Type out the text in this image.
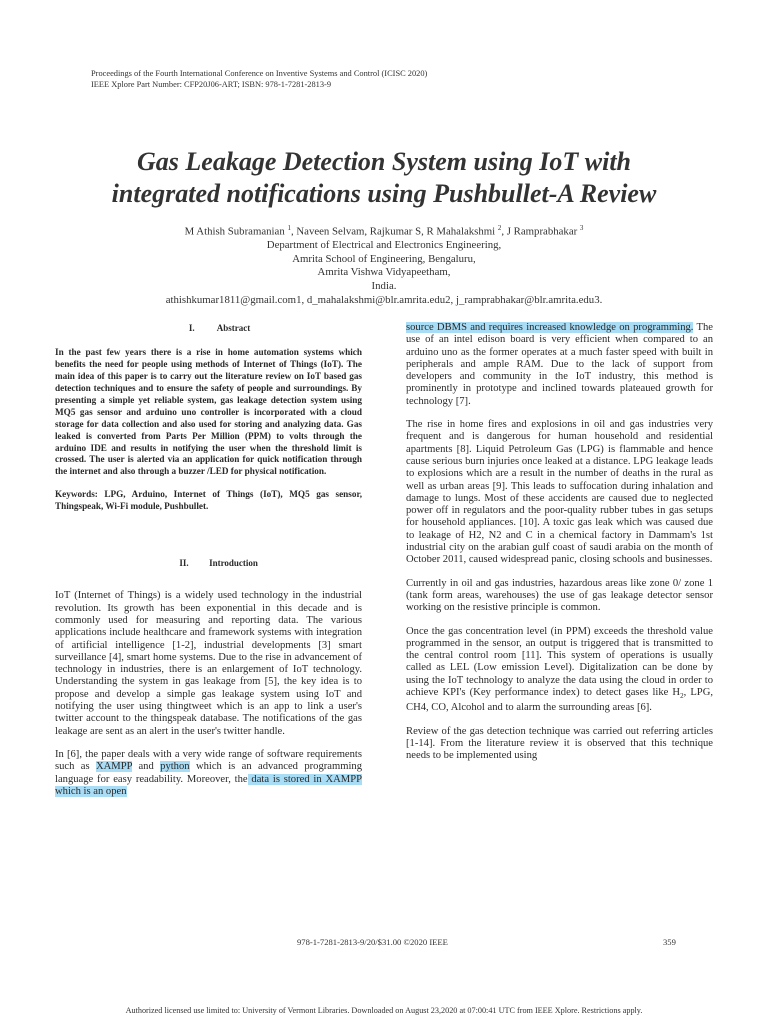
Proceedings of the Fourth International Conference on Inventive Systems and Control (ICISC 2020)
IEEE Xplore Part Number: CFP20J06-ART; ISBN: 978-1-7281-2813-9
Gas Leakage Detection System using IoT with
integrated notifications using Pushbullet-A Review
M Athish Subramanian $^1$, Naveen Selvam, Rajkumar S, R Mahalakshmi $^2$, J Ramprabhakar $^3$
Department of Electrical and Electronics Engineering,
Amrita School of Engineering, Bengaluru,
Amrita Vishwa Vidyapeetham,
India.
athishkumar1811@gmail.com1, d_mahalakshmi@blr.amrita.edu2, j_ramprabhakar@blr.amrita.edu3.

I. Abstract

In the past few years there is a rise in home automation systems which benefits the need for people using methods of Internet of Things (IoT). The main idea of this paper is to carry out the literature review on IoT based gas detection techniques and to ensure the safety of people and surroundings. By presenting a simple yet reliable system, gas leakage detection system using MQ5 gas sensor and arduino uno controller is incorporated with a cloud storage for data collection and also used for storing and analyzing data. Gas leaked is converted from Parts Per Million (PPM) to volts through the arduino IDE and results in notifying the user when the threshold limit is crossed. The user is alerted via an application for quick notification through the internet and also through a buzzer /LED for physical notification.

Keywords: LPG, Arduino, Internet of Things (IoT), MQ5 gas sensor, Thingspeak, Wi-Fi module, Pushbullet.

II. Introduction

IoT (Internet of Things) is a widely used technology in the industrial revolution. Its growth has been exponential in this decade and is commonly used for measuring and reporting data. The various applications include healthcare and framework systems with integration of artificial intelligence [1-2], industrial developments [3] smart surveillance [4], smart home systems. Due to the rise in advancement of technology in industries, there is an enlargement of IoT technology. Understanding the system in gas leakage from [5], the key idea is to propose and develop a simple gas leakage system using IoT and notifying the user using thingtweet which is an app to link a user's twitter account to the thingspeak database. The notifications of the gas leakage are sent as an alert in the user's twitter handle.

In [6], the paper deals with a very wide range of software requirements such as XAMPP and python which is an advanced programming language for easy readability. Moreover, the data is stored in XAMPP which is an open

source DBMS and requires increased knowledge on programming. The use of an intel edison board is very efficient when compared to an arduino uno as the former operates at a much faster speed with built in peripherals and ample RAM. Due to the lack of support from developers and community in the IoT industry, this method is prominently in prototype and inclined towards plateaued growth for technology [7].

The rise in home fires and explosions in oil and gas industries very frequent and is dangerous for human household and residential apartments [8]. Liquid Petroleum Gas (LPG) is flammable and hence cause serious burn injuries once leaked at a distance. LPG leakage leads to explosions which are a result in the number of deaths in the rural as well as urban areas [9]. This leads to suffocation during inhalation and damage to lungs. Most of these accidents are caused due to neglected power off in regulators and the poor-quality rubber tubes in gas setups for household appliances. [10]. A toxic gas leak which was caused due to leakage of H2, N2 and C in a chemical factory in Dammam's 1st industrial city on the arabian gulf coast of saudi arabia on the month of October 2011, caused widespread panic, closing schools and businesses.

Currently in oil and gas industries, hazardous areas like zone 0/ zone 1 (tank form areas, warehouses) the use of gas leakage detector sensor working on the resistive principle is common.

Once the gas concentration level (in PPM) exceeds the threshold value programmed in the sensor, an output is triggered that is transmitted to the central control room [11]. This system of operations is usually called as LEL (Low emission Level). Digitalization can be done by using the IoT technology to analyze the data using the cloud in order to achieve KPI's (Key performance index) to detect gases like $H_2$, LPG, CH4, CO, Alcohol and to alarm the surrounding areas [6].

Review of the gas detection technique was carried out referring articles [1-14]. From the literature review it is observed that this technique needs to be implemented using

978-1-7281-2813-9/20/$31.00 ©2020 IEEE	359
Authorized licensed use limited to: University of Vermont Libraries. Downloaded on August 23,2020 at 07:00:41 UTC from IEEE Xplore. Restrictions apply.
